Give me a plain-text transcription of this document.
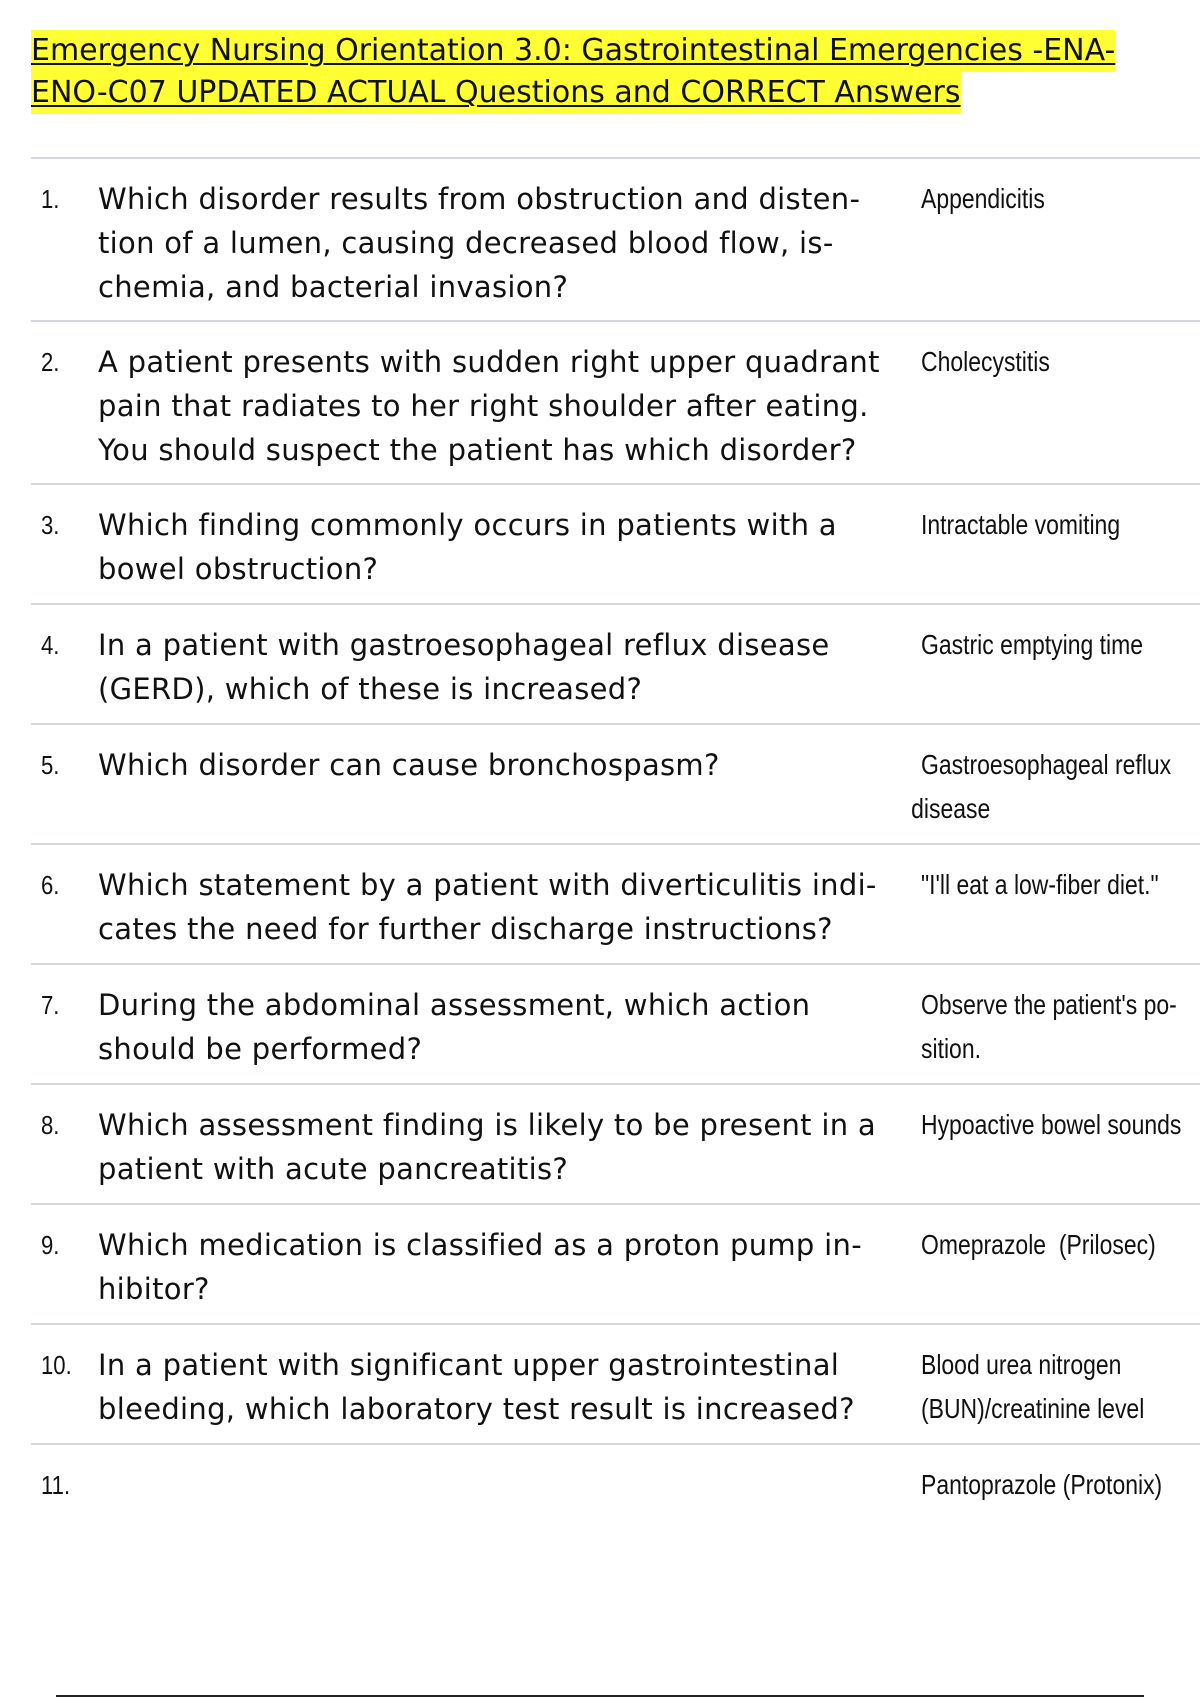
Emergency Nursing Orientation 3.0: Gastrointestinal Emergencies -ENA-
ENO-C07 UPDATED ACTUAL Questions and CORRECT Answers
1. Which disorder results from obstruction and disten-
tion of a lumen, causing decreased blood flow, is-
chemia, and bacterial invasion?
Appendicitis
2. A patient presents with sudden right upper quadrant
pain that radiates to her right shoulder after eating.
You should suspect the patient has which disorder?
Cholecystitis
3. Which finding commonly occurs in patients with a
bowel obstruction?
Intractable vomiting
4. In a patient with gastroesophageal reflux disease
(GERD), which of these is increased?
Gastric emptying time
5. Which disorder can cause bronchospasm?	Gastroesophageal reflux
disease
6. Which statement by a patient with diverticulitis indi-
cates the need for further discharge instructions?
"I'll eat a low-fiber diet."
7. During the abdominal assessment, which action
should be performed?
Observe the patient's po-
sition.
8. Which assessment finding is likely to be present in a
patient with acute pancreatitis?
Hypoactive bowel sounds
9. Which medication is classified as a proton pump in-
hibitor?
Omeprazole  (Prilosec)
10. In a patient with significant upper gastrointestinal
bleeding, which laboratory test result is increased?
Blood urea nitrogen
(BUN)/creatinine level
11.	Pantoprazole (Protonix)
